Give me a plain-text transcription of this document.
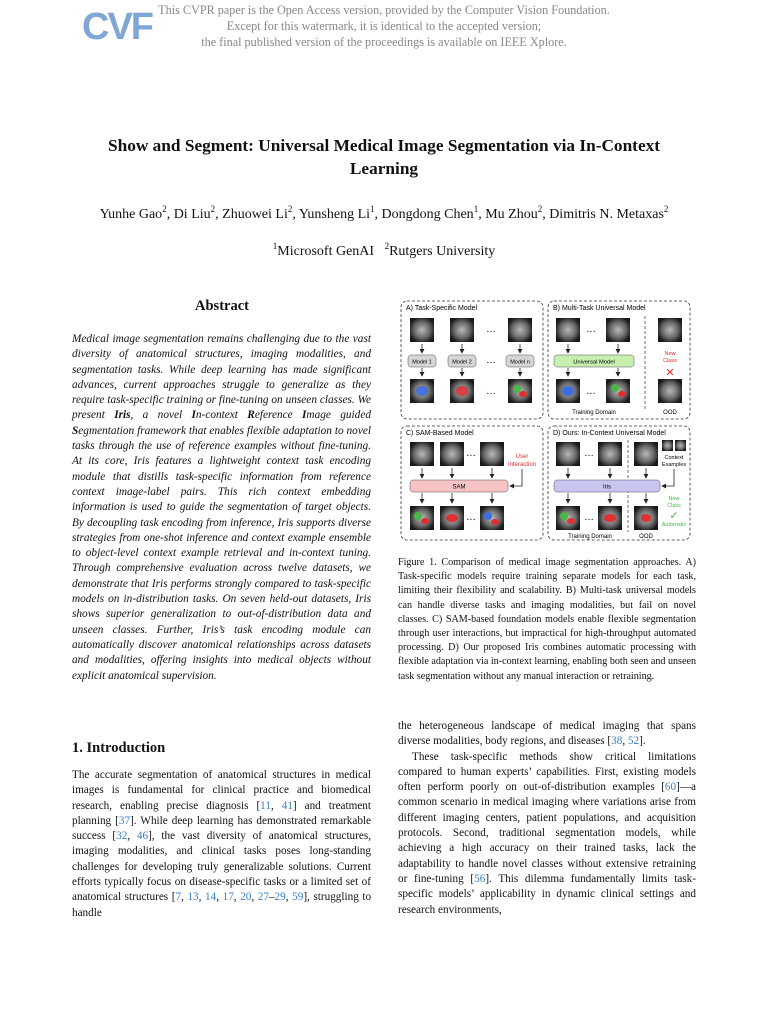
CVF This CVPR paper is the Open Access version, provided by the Computer Vision Foundation.
Except for this watermark, it is identical to the accepted version;
the final published version of the proceedings is available on IEEE Xplore.
Show and Segment: Universal Medical Image Segmentation via In-Context
Learning
Yunhe Gao$^2$, Di Liu$^2$, Zhuowei Li$^2$, Yunsheng Li$^1$, Dongdong Chen$^1$, Mu Zhou$^2$, Dimitris N. Metaxas$^2$
$^1$Microsoft GenAI $^2$Rutgers University
Abstract
Medical image segmentation remains challenging due to the vast diversity of anatomical structures, imaging modalities, and segmentation tasks. While deep learning has made significant advances, current approaches struggle to generalize as they require task-specific training or fine-tuning on unseen classes. We present Iris, a novel In-context Reference Image guided Segmentation framework that enables flexible adaptation to novel tasks through the use of reference examples without fine-tuning. At its core, Iris features a lightweight context task encoding module that distills task-specific information from reference context image-label pairs. This rich context embedding information is used to guide the segmentation of target objects. By decoupling task encoding from inference, Iris supports diverse strategies from one-shot inference and context example ensemble to object-level context example retrieval and in-context tuning. Through comprehensive evaluation across twelve datasets, we demonstrate that Iris performs strongly compared to task-specific models on in-distribution tasks. On seven held-out datasets, Iris shows superior generalization to out-of-distribution data and unseen classes. Further, Iris’s task encoding module can automatically discover anatomical relationships across datasets and modalities, offering insights into medical objects without explicit anatomical supervision.
A) Task-Specific Model	B) Multi-Task Universal Model
C) SAM-Based Model	D) Ours: In-Context Universal Model
…
Model 1	Model 2	Model n
…
…
…
Universal Model
New
Class
✕
…
Training Domain	OOD
…	User
Interaction
SAM
…
…	Context
Examples
Iris
New
Class
✓
Automatic
…
Training Domain	OOD
Figure 1. Comparison of medical image segmentation approaches. A) Task-specific models require training separate models for each task, limiting their flexibility and scalability. B) Multi-task universal models can handle diverse tasks and imaging modalities, but fail on novel classes. C) SAM-based foundation models enable flexible segmentation through user interactions, but impractical for high-throughput automated processing. D) Our proposed Iris combines automatic processing with flexible adaptation via in-context learning, enabling both seen and unseen task segmentation without any manual interaction or retraining.
1. Introduction
The accurate segmentation of anatomical structures in medical images is fundamental for clinical practice and biomedical research, enabling precise diagnosis [11, 41] and treatment planning [37]. While deep learning has demonstrated remarkable success [32, 46], the vast diversity of anatomical structures, imaging modalities, and clinical tasks poses long-standing challenges for developing truly generalizable solutions. Current efforts typically focus on disease-specific tasks or a limited set of anatomical structures [7, 13, 14, 17, 20, 27–29, 59], struggling to handle

the heterogeneous landscape of medical imaging that spans diverse modalities, body regions, and diseases [38, 52].

These task-specific methods show critical limitations compared to human experts’ capabilities. First, existing models often perform poorly on out-of-distribution examples [60]—a common scenario in medical imaging where variations arise from different imaging centers, patient populations, and acquisition protocols. Second, traditional segmentation models, while achieving a high accuracy on their trained tasks, lack the adaptability to handle novel classes without extensive retraining or fine-tuning [56]. This dilemma fundamentally limits task-specific models’ applicability in dynamic clinical settings and research environments,
